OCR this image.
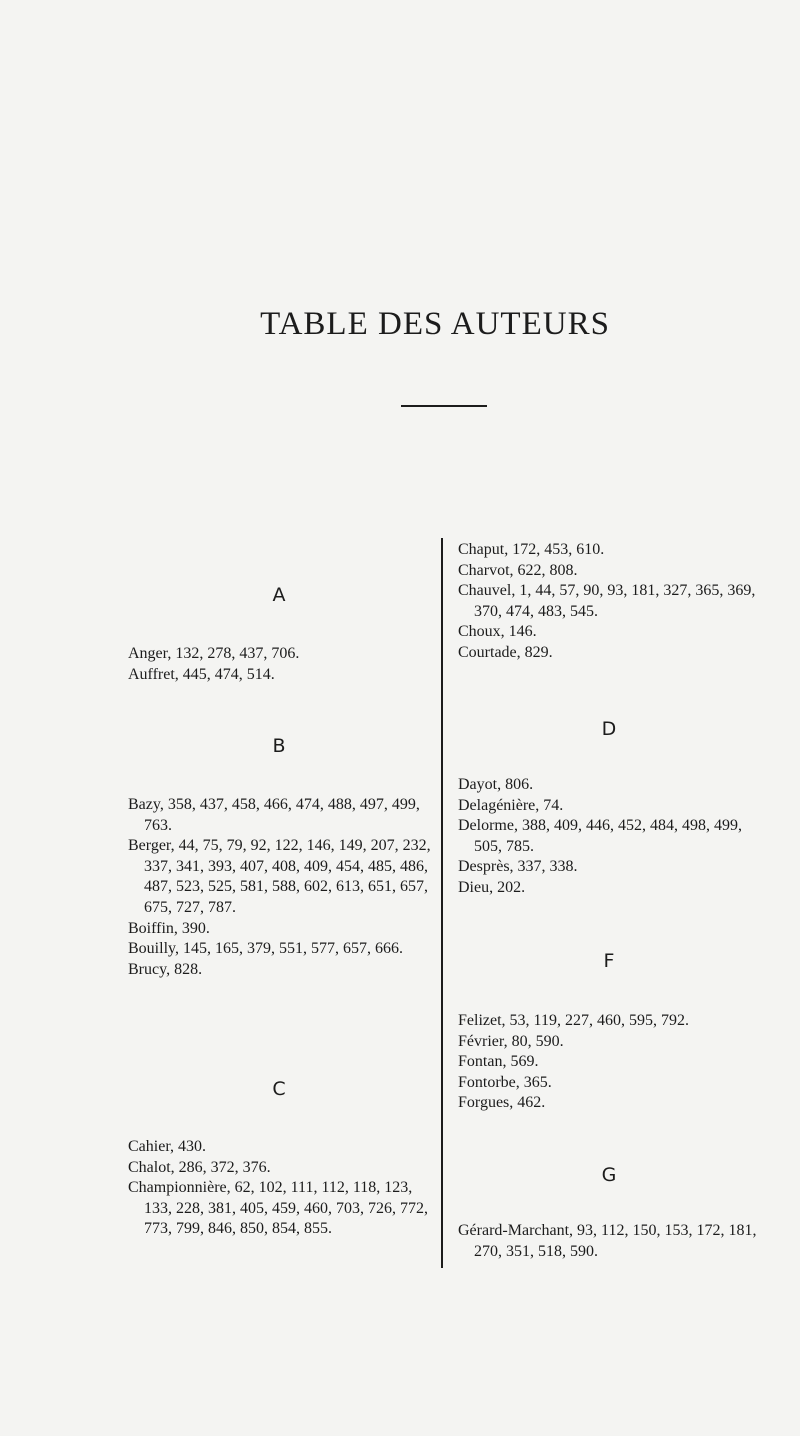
TABLE DES AUTEURS
A
Anger, 132, 278, 437, 706.
Auffret, 445, 474, 514.
B
Bazy, 358, 437, 458, 466, 474, 488, 497, 499, 763.
Berger, 44, 75, 79, 92, 122, 146, 149, 207, 232, 337, 341, 393, 407, 408, 409, 454, 485, 486, 487, 523, 525, 581, 588, 602, 613, 651, 657, 675, 727, 787.
Boiffin, 390.
Bouilly, 145, 165, 379, 551, 577, 657, 666.
Brucy, 828.
C
Cahier, 430.
Chalot, 286, 372, 376.
Championnière, 62, 102, 111, 112, 118, 123, 133, 228, 381, 405, 459, 460, 703, 726, 772, 773, 799, 846, 850, 854, 855.
Chaput, 172, 453, 610.
Charvot, 622, 808.
Chauvel, 1, 44, 57, 90, 93, 181, 327, 365, 369, 370, 474, 483, 545.
Choux, 146.
Courtade, 829.
D
Dayot, 806.
Delagénière, 74.
Delorme, 388, 409, 446, 452, 484, 498, 499, 505, 785.
Desprès, 337, 338.
Dieu, 202.
F
Felizet, 53, 119, 227, 460, 595, 792.
Février, 80, 590.
Fontan, 569.
Fontorbe, 365.
Forgues, 462.
G
Gérard-Marchant, 93, 112, 150, 153, 172, 181, 270, 351, 518, 590.
